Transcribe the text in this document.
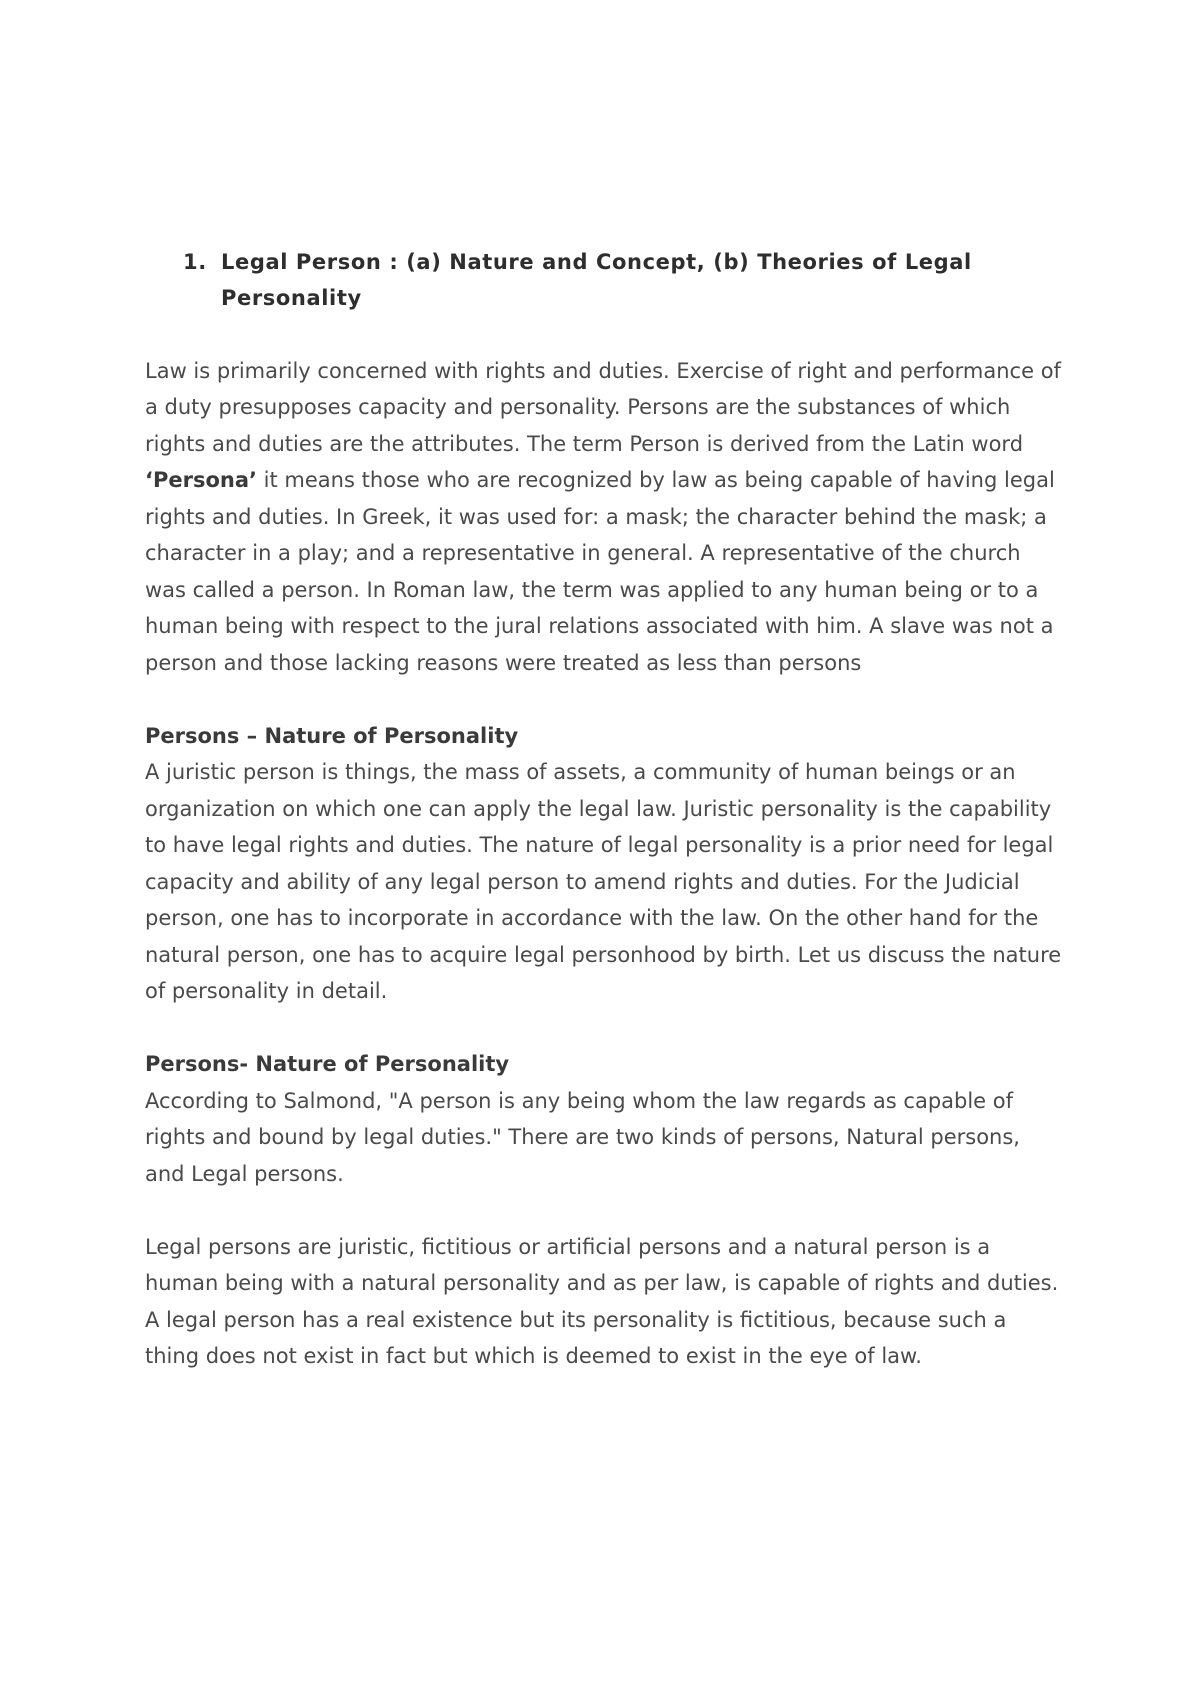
1. Legal Person : (a) Nature and Concept, (b) Theories of Legal Personality

Law is primarily concerned with rights and duties. Exercise of right and performance of a duty presupposes capacity and personality. Persons are the substances of which rights and duties are the attributes. The term Person is derived from the Latin word ‘Persona’ it means those who are recognized by law as being capable of having legal rights and duties. In Greek, it was used for: a mask; the character behind the mask; a character in a play; and a representative in general. A representative of the church was called a person. In Roman law, the term was applied to any human being or to a human being with respect to the jural relations associated with him. A slave was not a person and those lacking reasons were treated as less than persons

Persons – Nature of Personality
A juristic person is things, the mass of assets, a community of human beings or an organization on which one can apply the legal law. Juristic personality is the capability to have legal rights and duties. The nature of legal personality is a prior need for legal capacity and ability of any legal person to amend rights and duties. For the Judicial person, one has to incorporate in accordance with the law. On the other hand for the natural person, one has to acquire legal personhood by birth. Let us discuss the nature of personality in detail.

Persons- Nature of Personality
According to Salmond, "A person is any being whom the law regards as capable of rights and bound by legal duties." There are two kinds of persons, Natural persons, and Legal persons.

Legal persons are juristic, fictitious or artificial persons and a natural person is a human being with a natural personality and as per law, is capable of rights and duties. A legal person has a real existence but its personality is fictitious, because such a thing does not exist in fact but which is deemed to exist in the eye of law.
